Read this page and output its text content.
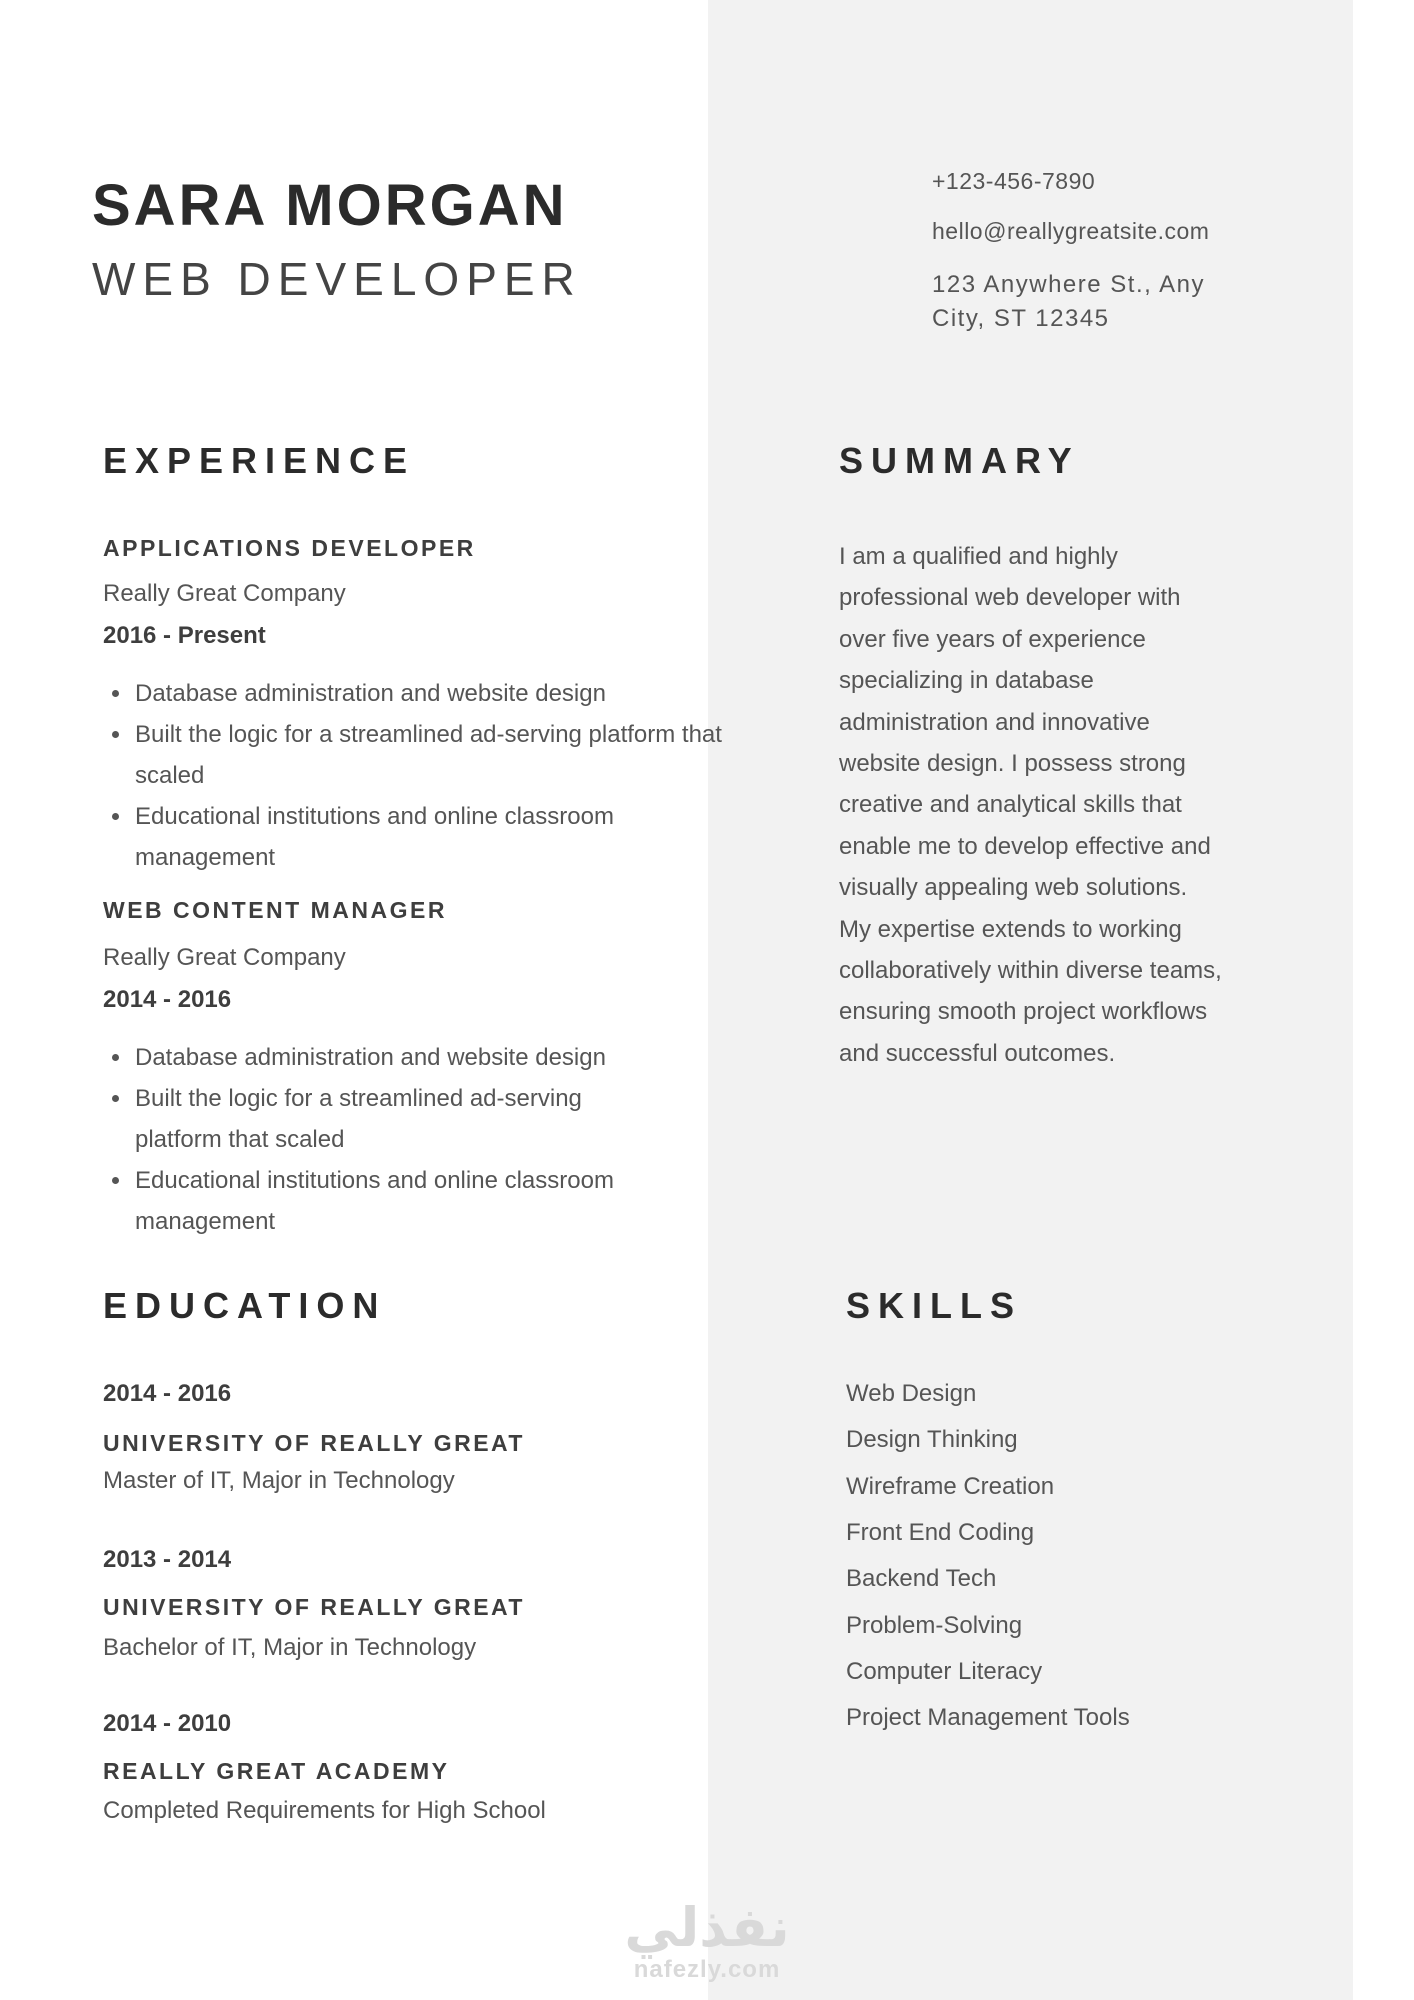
SARA MORGAN
WEB DEVELOPER
+123-456-7890
hello@reallygreatsite.com
123 Anywhere St., Any
City, ST 12345
EXPERIENCE
APPLICATIONS DEVELOPER
Really Great Company
2016 - Present
• Database administration and website design
• Built the logic for a streamlined ad-serving platform that scaled
• Educational institutions and online classroom management
WEB CONTENT MANAGER
Really Great Company
2014 - 2016
• Database administration and website design
• Built the logic for a streamlined ad-serving platform that scaled
• Educational institutions and online classroom management
SUMMARY
I am a qualified and highly professional web developer with over five years of experience specializing in database administration and innovative website design. I possess strong creative and analytical skills that enable me to develop effective and visually appealing web solutions. My expertise extends to working collaboratively within diverse teams, ensuring smooth project workflows and successful outcomes.
EDUCATION
2014 - 2016
UNIVERSITY OF REALLY GREAT
Master of IT, Major in Technology
2013 - 2014
UNIVERSITY OF REALLY GREAT
Bachelor of IT, Major in Technology
2014 - 2010
REALLY GREAT ACADEMY
Completed Requirements for High School
SKILLS
Web Design
Design Thinking
Wireframe Creation
Front End Coding
Backend Tech
Problem-Solving
Computer Literacy
Project Management Tools
نفذلي
nafezly.com
